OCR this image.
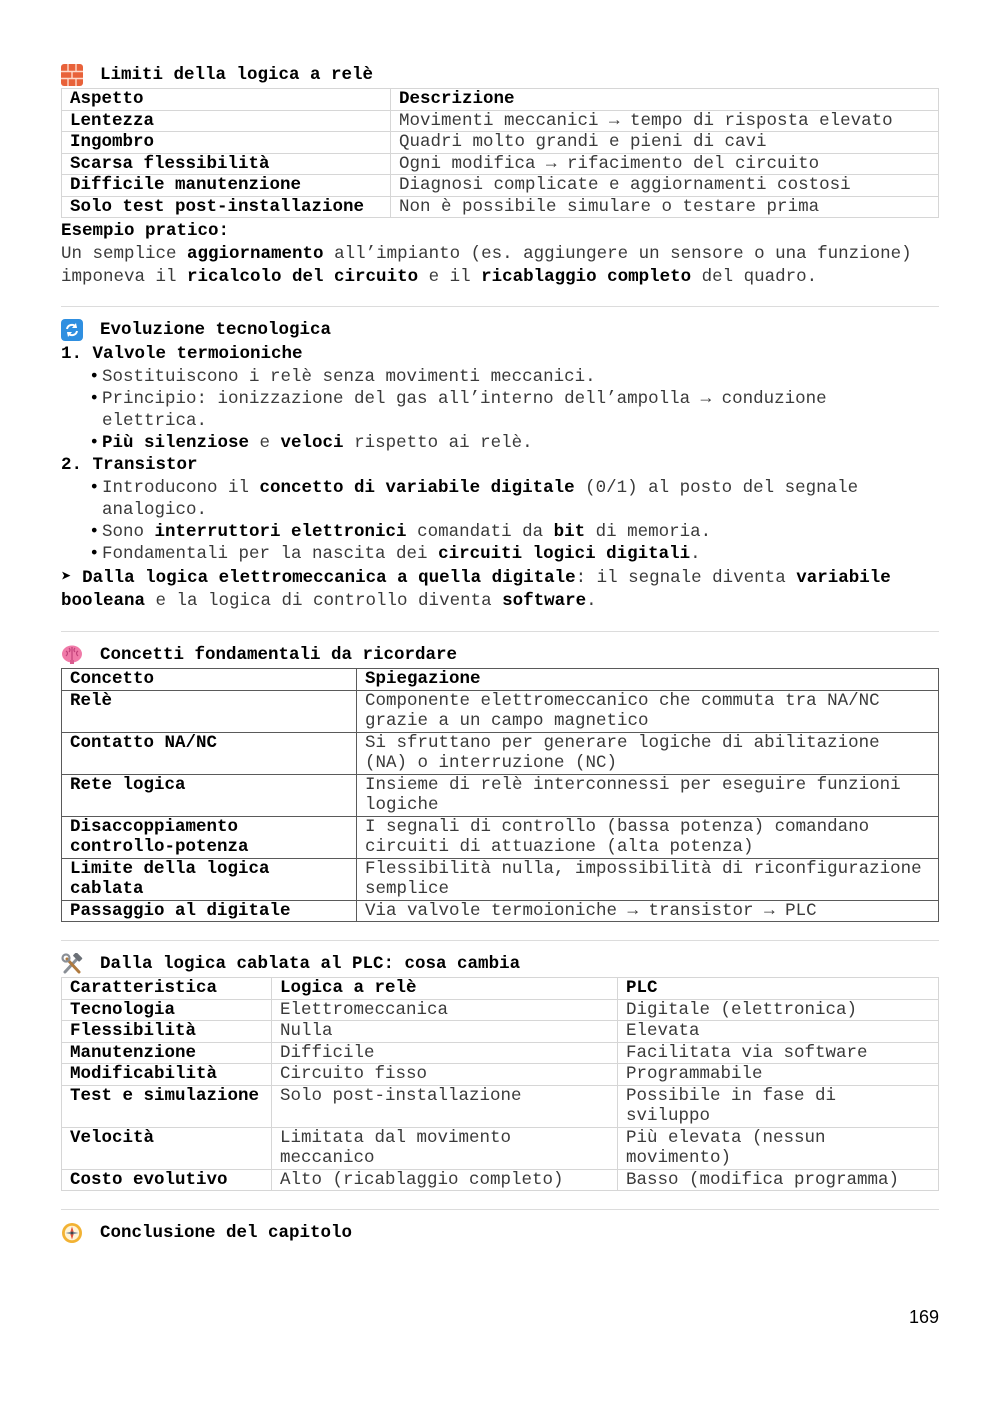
Limiti della logica a relè
Aspetto	Descrizione
Lentezza	Movimenti meccanici → tempo di risposta elevato
Ingombro	Quadri molto grandi e pieni di cavi
Scarsa flessibilità	Ogni modifica → rifacimento del circuito
Difficile manutenzione	Diagnosi complicate e aggiornamenti costosi
Solo test post-installazione	Non è possibile simulare o testare prima
Esempio pratico:
Un semplice aggiornamento all’impianto (es. aggiungere un sensore o una funzione) imponeva il ricalcolo del circuito e il ricablaggio completo del quadro.
Evoluzione tecnologica
1. Valvole termoioniche
• Sostituiscono i relè senza movimenti meccanici.
• Principio: ionizzazione del gas all’interno dell’ampolla → conduzione elettrica.
• Più silenziose e veloci rispetto ai relè.
2. Transistor
• Introducono il concetto di variabile digitale (0/1) al posto del segnale analogico.
• Sono interruttori elettronici comandati da bit di memoria.
• Fondamentali per la nascita dei circuiti logici digitali.
➤ Dalla logica elettromeccanica a quella digitale: il segnale diventa variabile booleana e la logica di controllo diventa software.
Concetti fondamentali da ricordare
Concetto	Spiegazione
Relè	Componente elettromeccanico che commuta tra NA/NC grazie a un campo magnetico
Contatto NA/NC	Si sfruttano per generare logiche di abilitazione (NA) o interruzione (NC)
Rete logica	Insieme di relè interconnessi per eseguire funzioni logiche
Disaccoppiamento controllo-potenza	I segnali di controllo (bassa potenza) comandano circuiti di attuazione (alta potenza)
Limite della logica cablata	Flessibilità nulla, impossibilità di riconfigurazione semplice
Passaggio al digitale	Via valvole termoioniche → transistor → PLC
Dalla logica cablata al PLC: cosa cambia
Caratteristica	Logica a relè	PLC
Tecnologia	Elettromeccanica	Digitale (elettronica)
Flessibilità	Nulla	Elevata
Manutenzione	Difficile	Facilitata via software
Modificabilità	Circuito fisso	Programmabile
Test e simulazione	Solo post-installazione	Possibile in fase di sviluppo
Velocità	Limitata dal movimento meccanico	Più elevata (nessun movimento)
Costo evolutivo	Alto (ricablaggio completo)	Basso (modifica programma)
Conclusione del capitolo
169
